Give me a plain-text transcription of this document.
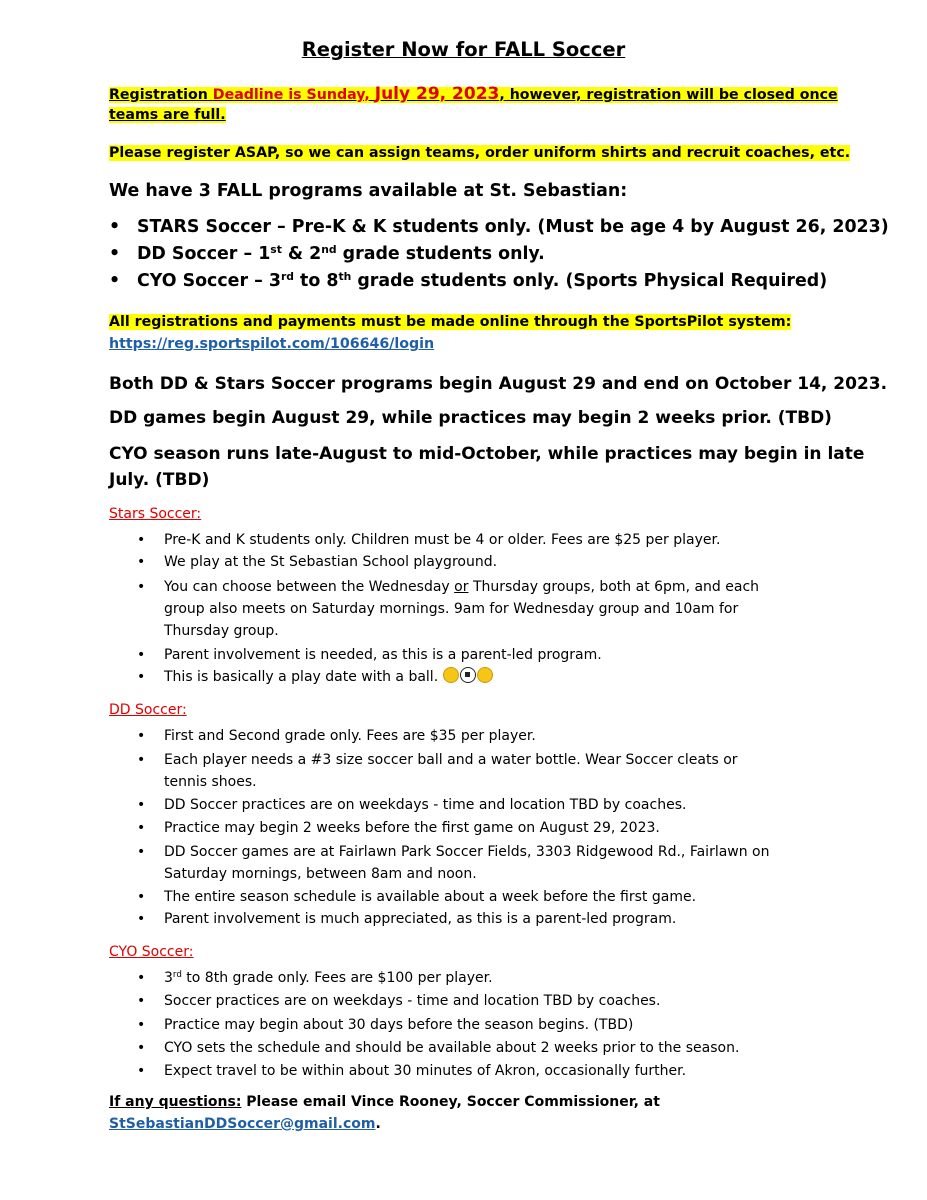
Register Now for FALL Soccer
Registration Deadline is Sunday, July 29, 2023, however, registration will be closed once
teams are full.
Please register ASAP, so we can assign teams, order uniform shirts and recruit coaches, etc.
We have 3 FALL programs available at St. Sebastian:
• STARS Soccer – Pre-K & K students only. (Must be age 4 by August 26, 2023)
• DD Soccer – 1st & 2nd grade students only.
• CYO Soccer – 3rd to 8th grade students only. (Sports Physical Required)
All registrations and payments must be made online through the SportsPilot system:
https://reg.sportspilot.com/106646/login
Both DD & Stars Soccer programs begin August 29 and end on October 14, 2023.
DD games begin August 29, while practices may begin 2 weeks prior. (TBD)
CYO season runs late-August to mid-October, while practices may begin in late
July. (TBD)
Stars Soccer:
• Pre-K and K students only. Children must be 4 or older. Fees are $25 per player.
• We play at the St Sebastian School playground.
• You can choose between the Wednesday or Thursday groups, both at 6pm, and each
group also meets on Saturday mornings. 9am for Wednesday group and 10am for
Thursday group.
• Parent involvement is needed, as this is a parent-led program.
• This is basically a play date with a ball.
DD Soccer:
• First and Second grade only. Fees are $35 per player.
• Each player needs a #3 size soccer ball and a water bottle. Wear Soccer cleats or
tennis shoes.
• DD Soccer practices are on weekdays - time and location TBD by coaches.
• Practice may begin 2 weeks before the first game on August 29, 2023.
• DD Soccer games are at Fairlawn Park Soccer Fields, 3303 Ridgewood Rd., Fairlawn on
Saturday mornings, between 8am and noon.
• The entire season schedule is available about a week before the first game.
• Parent involvement is much appreciated, as this is a parent-led program.
CYO Soccer:
• 3rd to 8th grade only. Fees are $100 per player.
• Soccer practices are on weekdays - time and location TBD by coaches.
• Practice may begin about 30 days before the season begins. (TBD)
• CYO sets the schedule and should be available about 2 weeks prior to the season.
• Expect travel to be within about 30 minutes of Akron, occasionally further.
If any questions: Please email Vince Rooney, Soccer Commissioner, at
StSebastianDDSoccer@gmail.com.
